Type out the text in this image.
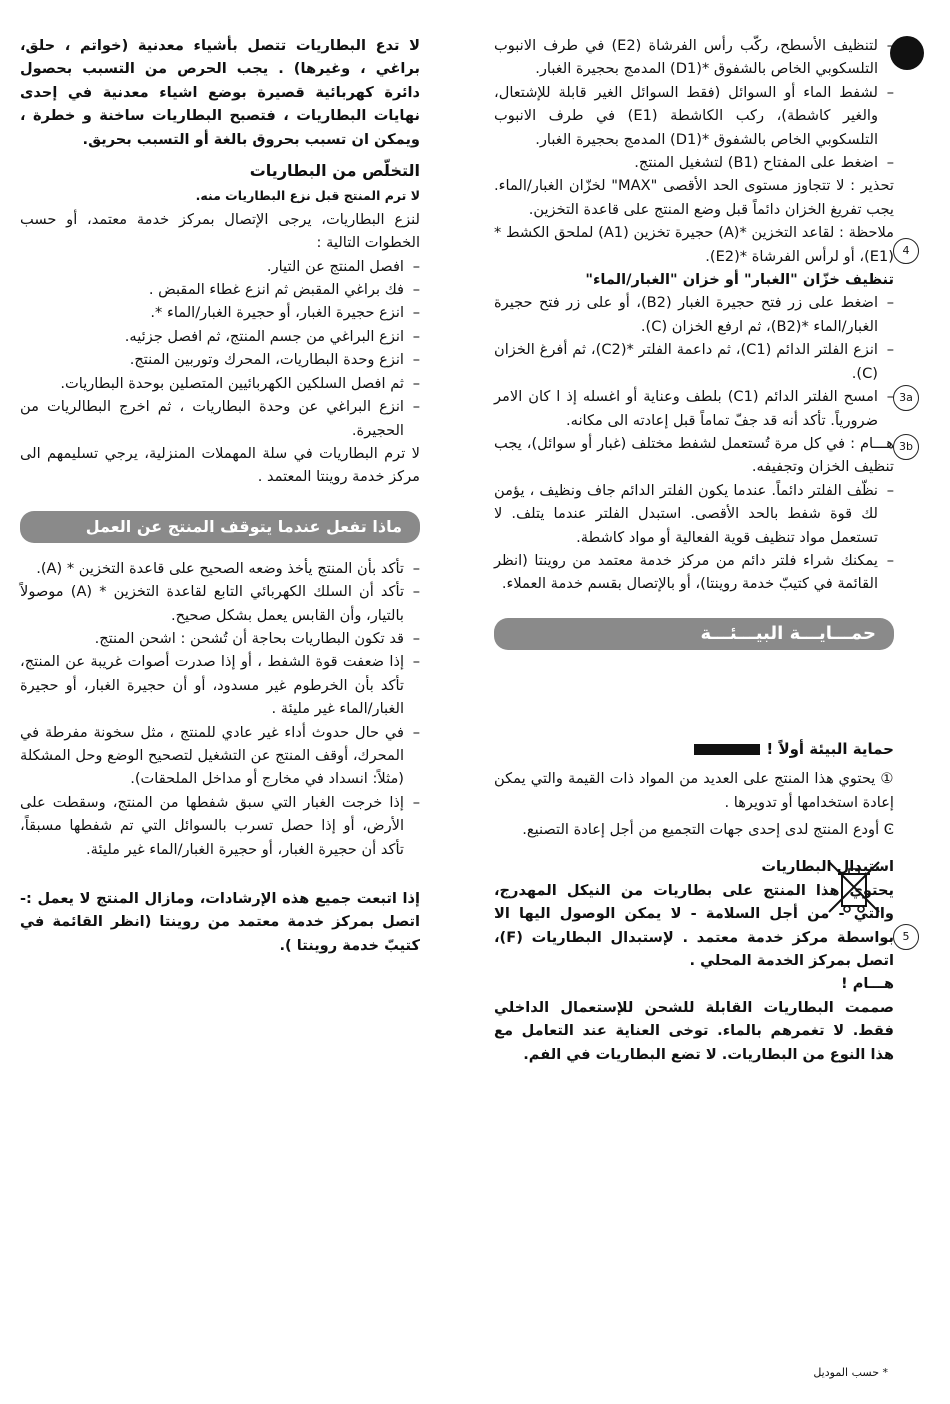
4
3a
3b
5
– لتنظيف الأسطح، ركّب رأس الفرشاة (E2) في طرف الانبوب التلسكوبي الخاص بالشفوق *(D1) المدمج بحجيرة الغبار.
– لشفط الماء أو السوائل (فقط السوائل الغير قابلة للإشتعال، والغير كاشطة)، ركب الكاشطة (E1) في طرف الانبوب التلسكوبي الخاص بالشفوق *(D1) المدمج بحجيرة الغبار.
– اضغط على المفتاح (B1) لتشغيل المنتج.

تحذير : لا تتجاوز مستوى الحد الأقصى "MAX" لخزّان الغبار/الماء. يجب تفريغ الخزان دائماً قبل وضع المنتج على قاعدة التخزين.

ملاحظة : لقاعد التخزين *(A) حجيرة تخزين (A1) لملحق الكشط *(E1)، أو لرأس الفرشاة *(E2).

تنظيف خزّان "الغبار" أو خزان "الغبار/الماء"

– اضغط على زر فتح حجيرة الغبار (B2)، أو على زر فتح حجيرة الغبار/الماء *(B2)، ثم ارفع الخزان (C).
– انزع الفلتر الدائم (C1)، ثم داعمة الفلتر *(C2)، ثم أفرغ الخزان (C).
– امسح الفلتر الدائم (C1) بلطف وعناية أو اغسله إذ ا كان الامر ضرورياً. تأكد أنه قد جفّ تماماً قبل إعادته الى مكانه.

هـــام : في كل مرة تُستعمل لشفط مختلف (غبار أو سوائل)، يجب تنظيف الخزان وتجفيفه.

– نظّف الفلتر دائماً. عندما يكون الفلتر الدائم جاف ونظيف ، يؤمن لك قوة شفط بالحد الأقصى. استبدل الفلتر عندما يتلف. لا تستعمل مواد تنظيف قوية الفعالية أو مواد كاشطة.
– يمكنك شراء فلتر دائم من مركز خدمة معتمد من روينتا (انظر القائمة في كتيبّ خدمة روينتا)، أو بالإتصال بقسم خدمة العملاء.
حمـــايـــة البيـــئـــة

حماية البيئة أولاً !

① يحتوي هذا المنتج على العديد من المواد ذات القيمة والتي يمكن إعادة استخدامها أو تدويرها .

Ͼ أودع المنتج لدى إحدى جهات التجميع من أجل إعادة التصنيع.

استبدال البطاريات

يحتوي هذا المنتج على بطاريات من النيكل المهدرج، والتي - من أجل السلامة - لا يمكن الوصول اليها الا بواسطة مركز خدمة معتمد . لإستبدال البطاريات (F)، اتصل بمركز الخدمة المحلي .

هـــام !

صممت البطاريات القابلة للشحن للإستعمال الداخلي فقط. لا تغمرهم بالماء. توخى العناية عند التعامل مع هذا النوع من البطاريات. لا تضع البطاريات في الفم.

لا تدع البطاريات تتصل بأشياء معدنية (خواتم ، حلق، براغي ، وغيرها) . يجب الحرص من التسبب بحصول دائرة كهربائية قصيرة بوضع اشياء معدنية في إحدى نهايات البطاريات ، فتصبح البطاريات ساخنة و خطرة ، ويمكن ان تسبب بحروق بالغة أو التسبب بحريق.

التخلّص من البطاريات

لا ترم المنتج قبل نزع البطاريات منه.

لنزع البطاريات، يرجى الإتصال بمركز خدمة معتمد، أو حسب الخطوات التالية :

– افصل المنتج عن التيار.
– فك براغي المقبض ثم انزع غطاء المقبض .
– انزع حجيرة الغبار، أو حجيرة الغبار/الماء *.
– انزع البراغي من جسم المنتج، ثم افصل جزئيه.
– انزع وحدة البطاريات، المحرك وتوربين المنتج.
– ثم افصل السلكين الكهربائيين المتصلين بوحدة البطاريات.
– انزع البراغي عن وحدة البطاريات ، ثم اخرج البطالريات من الحجيرة.

لا ترم البطاريات في سلة المهملات المنزلية، يرجي تسليمهم الى مركز خدمة روينتا المعتمد .

ماذا تفعل عندما يتوقف المنتج عن العمل
– تأكد بأن المنتج يأخذ وضعه الصحيح على قاعدة التخزين * (A).
– تأكد أن السلك الكهربائي التابع لقاعدة التخزين * (A) موصولاً بالتيار، وأن القابس يعمل بشكل صحيح.
– قد تكون البطاريات بحاجة أن تُشحن : اشحن المنتج.
– إذا ضعفت قوة الشفط ، أو إذا صدرت أصوات غريبة عن المنتج، تأكد بأن الخرطوم غير مسدود، أو أن حجيرة الغبار، أو حجيرة الغبار/الماء غير مليئة .
– في حال حدوث أداء غير عادي للمنتج ، مثل سخونة مفرطة في المحرك، أوقف المنتج عن التشغيل لتصحيح الوضع وحل المشكلة (مثلاً: انسداد في مخارج أو مداخل الملحقات).
– إذا خرجت الغبار التي سبق شفطها من المنتج، وسقطت على الأرض، أو إذا حصل تسرب بالسوائل التي تم شفطها مسبقاً، تأكد أن حجيرة الغبار، أو حجيرة الغبار/الماء غير مليئة.

إذا اتبعت جميع هذه الإرشادات، ومازال المنتج لا يعمل :- اتصل بمركز خدمة معتمد من روينتا (انظر القائمة في كتيبّ خدمة روينتا ).

* حسب الموديل
